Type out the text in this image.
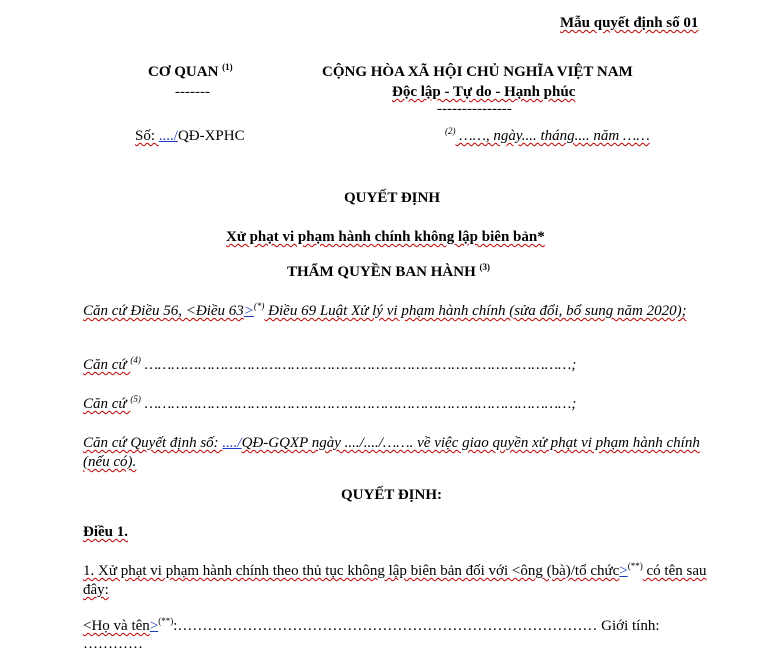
Mẫu quyết định số 01
CƠ QUAN $^{(1)}$
-------
CỘNG HÒA XÃ HỘI CHỦ NGHĨA VIỆT NAM
Độc lập - Tự do - Hạnh phúc
---------------
Số: ..../QĐ-XPHC	$^{(2)}$ ……, ngày.... tháng.... năm ……
QUYẾT ĐỊNH
Xử phạt vi phạm hành chính không lập biên bản*
THẨM QUYỀN BAN HÀNH $^{(3)}$
Căn cứ Điều 56, <Điều 63>(*) Điều 69 Luật Xử lý vi phạm hành chính (sửa đổi, bổ sung năm 2020);
Căn cứ $^{(4)}$ ……………………………………………………………………………………;
Căn cứ $^{(5)}$ ……………………………………………………………………………………;
Căn cứ Quyết định số: ..../QĐ-GQXP ngày ..../..../……. về việc giao quyền xử phạt vi phạm hành chính (nếu có).
QUYẾT ĐỊNH:
Điều 1.
1. Xử phạt vi phạm hành chính theo thủ tục không lập biên bản đối với <ông (bà)/tổ chức>(**) có tên sau đây:
<Họ và tên>(**):………………………………………………………………………… Giới tính:
…………
